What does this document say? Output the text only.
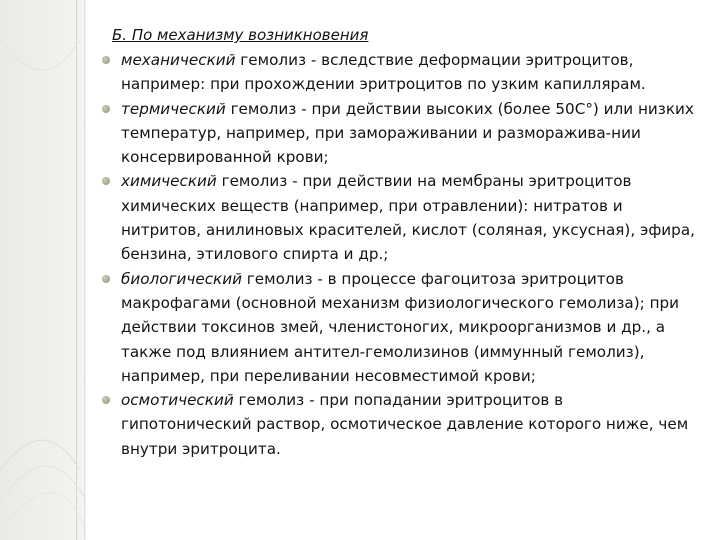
Б. По механизму возникновения

механический гемолиз - вследствие деформации эритроцитов, например: при прохождении эритроцитов по узким капиллярам.
термический гемолиз - при действии высоких (более 50С°) или низких температур, например, при замораживании и разморажива-нии консервированной крови;
химический гемолиз - при действии на мембраны эритроцитов химических веществ (например, при отравлении): нитратов и нитритов, анилиновых красителей, кислот (соляная, уксусная), эфира, бензина, этилового спирта и др.;
биологический гемолиз - в процессе фагоцитоза эритроцитов макрофагами (основной механизм физиологического гемолиза); при действии токсинов змей, членистоногих, микроорганизмов и др., а также под влиянием антител-гемолизинов (иммунный гемолиз), например, при переливании несовместимой крови;
осмотический гемолиз - при попадании эритроцитов в гипотонический раствор, осмотическое давление которого ниже, чем внутри эритроцита.
